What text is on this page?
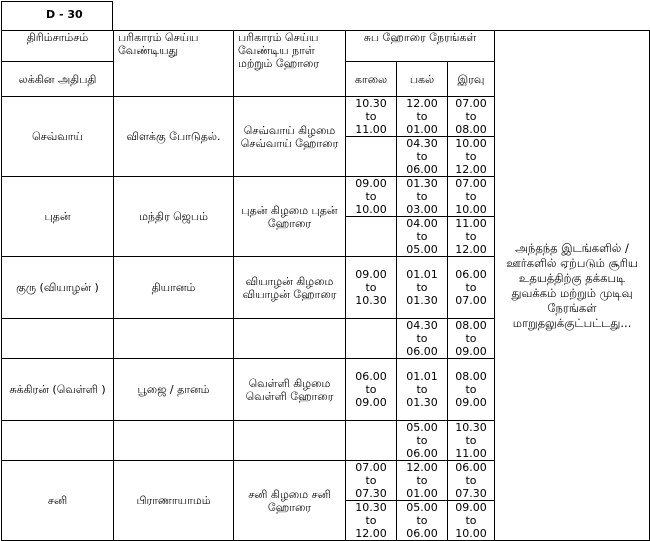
D - 30
திரிம்சாம்சம்	பரிகாரம் செய்ய வேண்டியது	பரிகாரம் செய்ய வேண்டிய நாள் மற்றும் ஹோரை	சுப ஹோரை நேரங்கள்			அந்தந்த இடங்களில் / ஊர்களில் ஏற்படும் சூரிய உதயத்திற்கு தக்கபடி துவக்கம் மற்றும் முடிவு நேரங்கள் மாறுதலுக்குட்பட்டது...
லக்கின அதிபதி			காலை	பகல்	இரவு	
செவ்வாய்	விளக்கு போடுதல்.	செவ்வாய் கிழமை செவ்வாய் ஹோரை	10.30 to 11.00	12.00 to 01.00	07.00 to 08.00	
				04.30 to 06.00	10.00 to 12.00	
புதன்	மந்திர ஜெபம்	புதன் கிழமை புதன் ஹோரை	09.00 to 10.00	01.30 to 03.00	07.00 to 10.00	
				04.00 to 05.00	11.00 to 12.00	
குரு (வியாழன் )	தியானம்	வியாழன் கிழமை வியாழன் ஹோரை	09.00 to 10.30	01.01 to 01.30	06.00 to 07.00	
				04.30 to 06.00	08.00 to 09.00	
சுக்கிரன் (வெள்ளி )	பூஜை / தானம்	வெள்ளி கிழமை வெள்ளி ஹோரை	06.00 to 09.00	01.01 to 01.30	08.00 to 09.00	
				05.00 to 06.00	10.30 to 11.00	
சனி	பிராணாயாமம்	சனி கிழமை சனி ஹோரை	07.00 to 07.30	12.00 to 01.00	06.00 to 07.30	
			10.30 to 12.00	05.00 to 06.00	09.00 to 10.00	
